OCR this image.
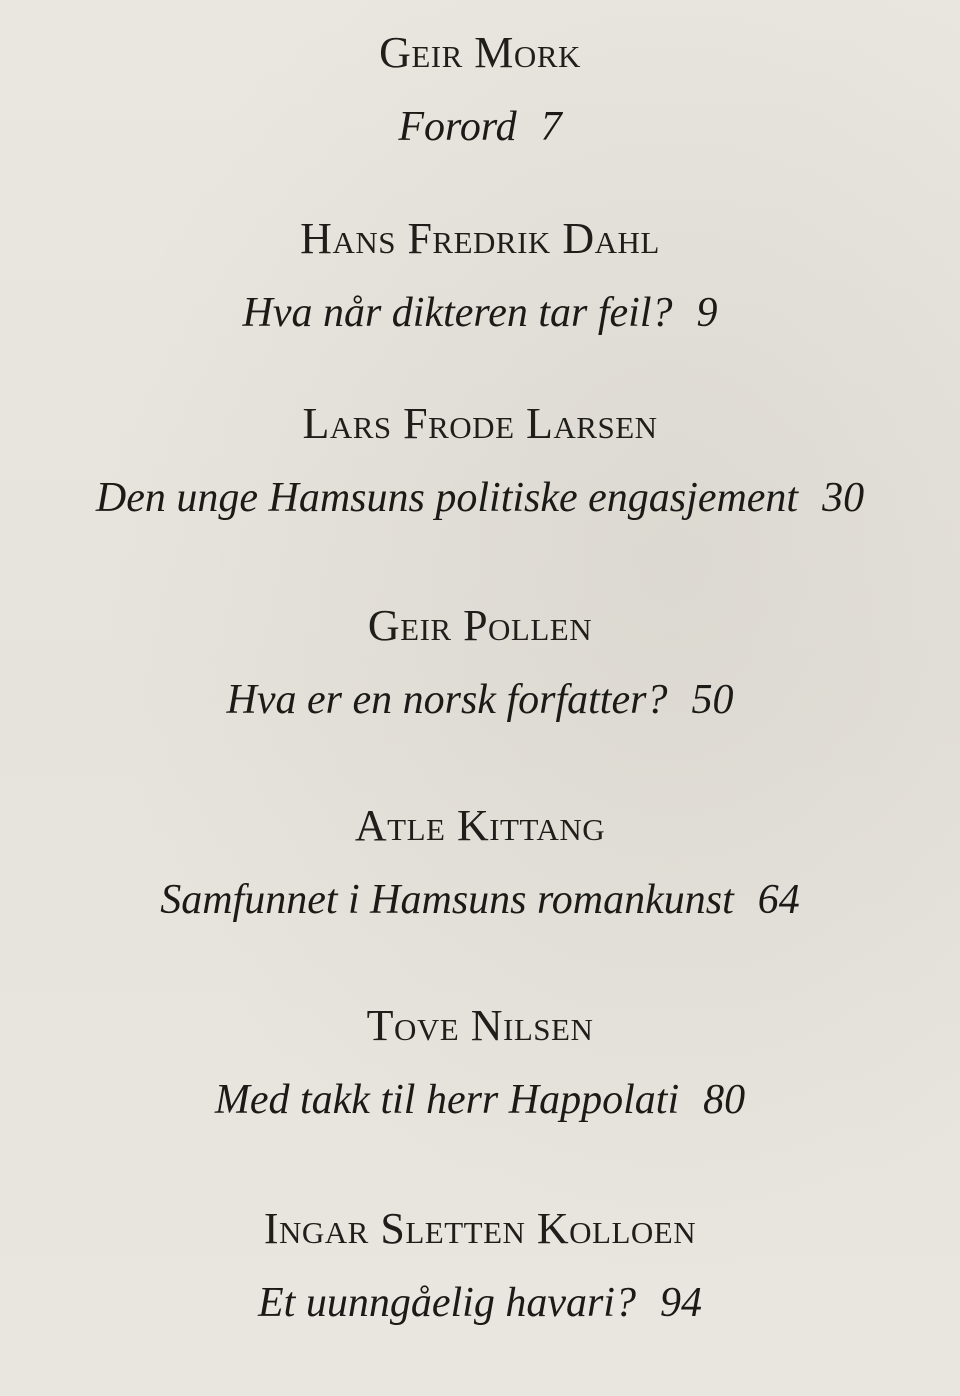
Geir Mork
Forord 7
Hans Fredrik Dahl
Hva når dikteren tar feil? 9
Lars Frode Larsen
Den unge Hamsuns politiske engasjement 30
Geir Pollen
Hva er en norsk forfatter? 50
Atle Kittang
Samfunnet i Hamsuns romankunst 64
Tove Nilsen
Med takk til herr Happolati 80
Ingar Sletten Kolloen
Et uunngåelig havari? 94
